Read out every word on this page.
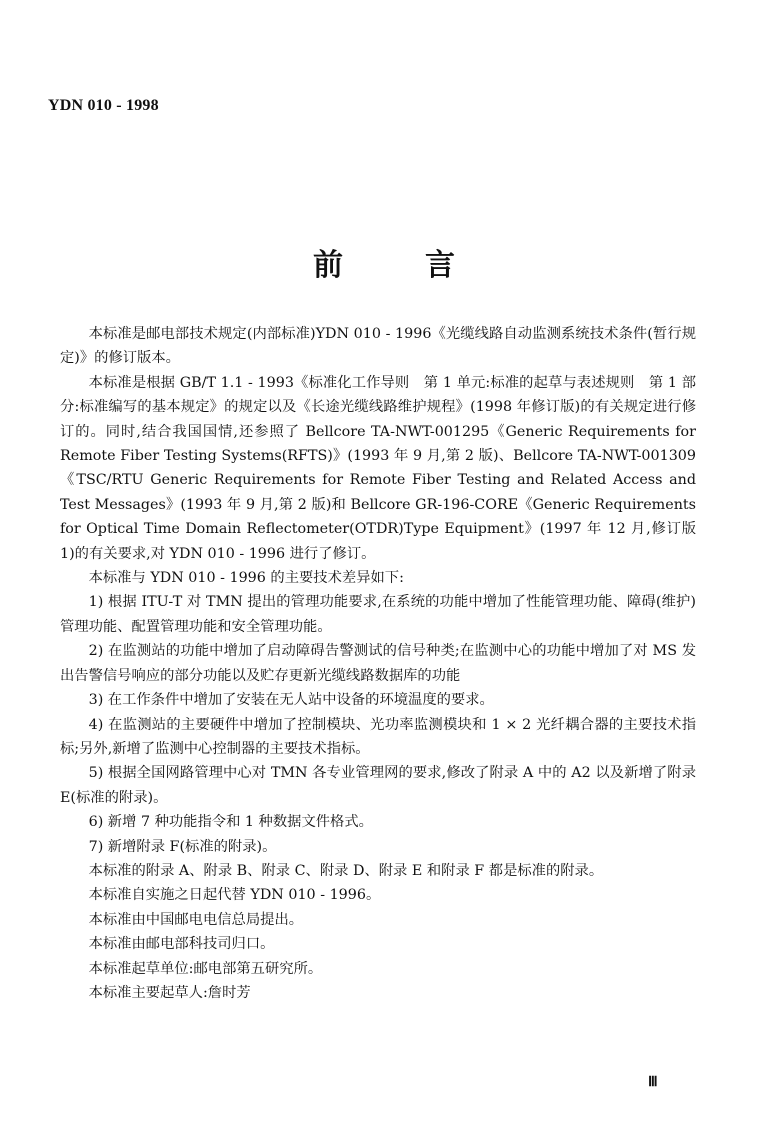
YDN 010 - 1998
前	言

本标准是邮电部技术规定(内部标准)YDN 010 - 1996《光缆线路自动监测系统技术条件(暂行规定)》的修订版本。

本标准是根据 GB/T 1.1 - 1993《标准化工作导则　第 1 单元:标准的起草与表述规则　第 1 部分:标准编写的基本规定》的规定以及《长途光缆线路维护规程》(1998 年修订版)的有关规定进行修订的。同时,结合我国国情,还参照了 Bellcore TA-NWT-001295《Generic Requirements for Remote Fiber Testing Systems(RFTS)》(1993 年 9 月,第 2 版)、Bellcore TA-NWT-001309《TSC/RTU Generic Requirements for Remote Fiber Testing and Related Access and Test Messages》(1993 年 9 月,第 2 版)和 Bellcore GR-196-CORE《Generic Requirements for Optical Time Domain Reflectometer(OTDR)Type Equipment》(1997 年 12 月,修订版 1)的有关要求,对 YDN 010 - 1996 进行了修订。

本标准与 YDN 010 - 1996 的主要技术差异如下:

1) 根据 ITU-T 对 TMN 提出的管理功能要求,在系统的功能中增加了性能管理功能、障碍(维护)管理功能、配置管理功能和安全管理功能。

2) 在监测站的功能中增加了启动障碍告警测试的信号种类;在监测中心的功能中增加了对 MS 发出告警信号响应的部分功能以及贮存更新光缆线路数据库的功能

3) 在工作条件中增加了安装在无人站中设备的环境温度的要求。

4) 在监测站的主要硬件中增加了控制模块、光功率监测模块和 1 × 2 光纤耦合器的主要技术指标;另外,新增了监测中心控制器的主要技术指标。

5) 根据全国网路管理中心对 TMN 各专业管理网的要求,修改了附录 A 中的 A2 以及新增了附录 E(标准的附录)。

6) 新增 7 种功能指令和 1 种数据文件格式。

7) 新增附录 F(标准的附录)。

本标准的附录 A、附录 B、附录 C、附录 D、附录 E 和附录 F 都是标准的附录。

本标准自实施之日起代替 YDN 010 - 1996。

本标准由中国邮电电信总局提出。

本标准由邮电部科技司归口。

本标准起草单位:邮电部第五研究所。

本标准主要起草人:詹时芳

Ⅲ
